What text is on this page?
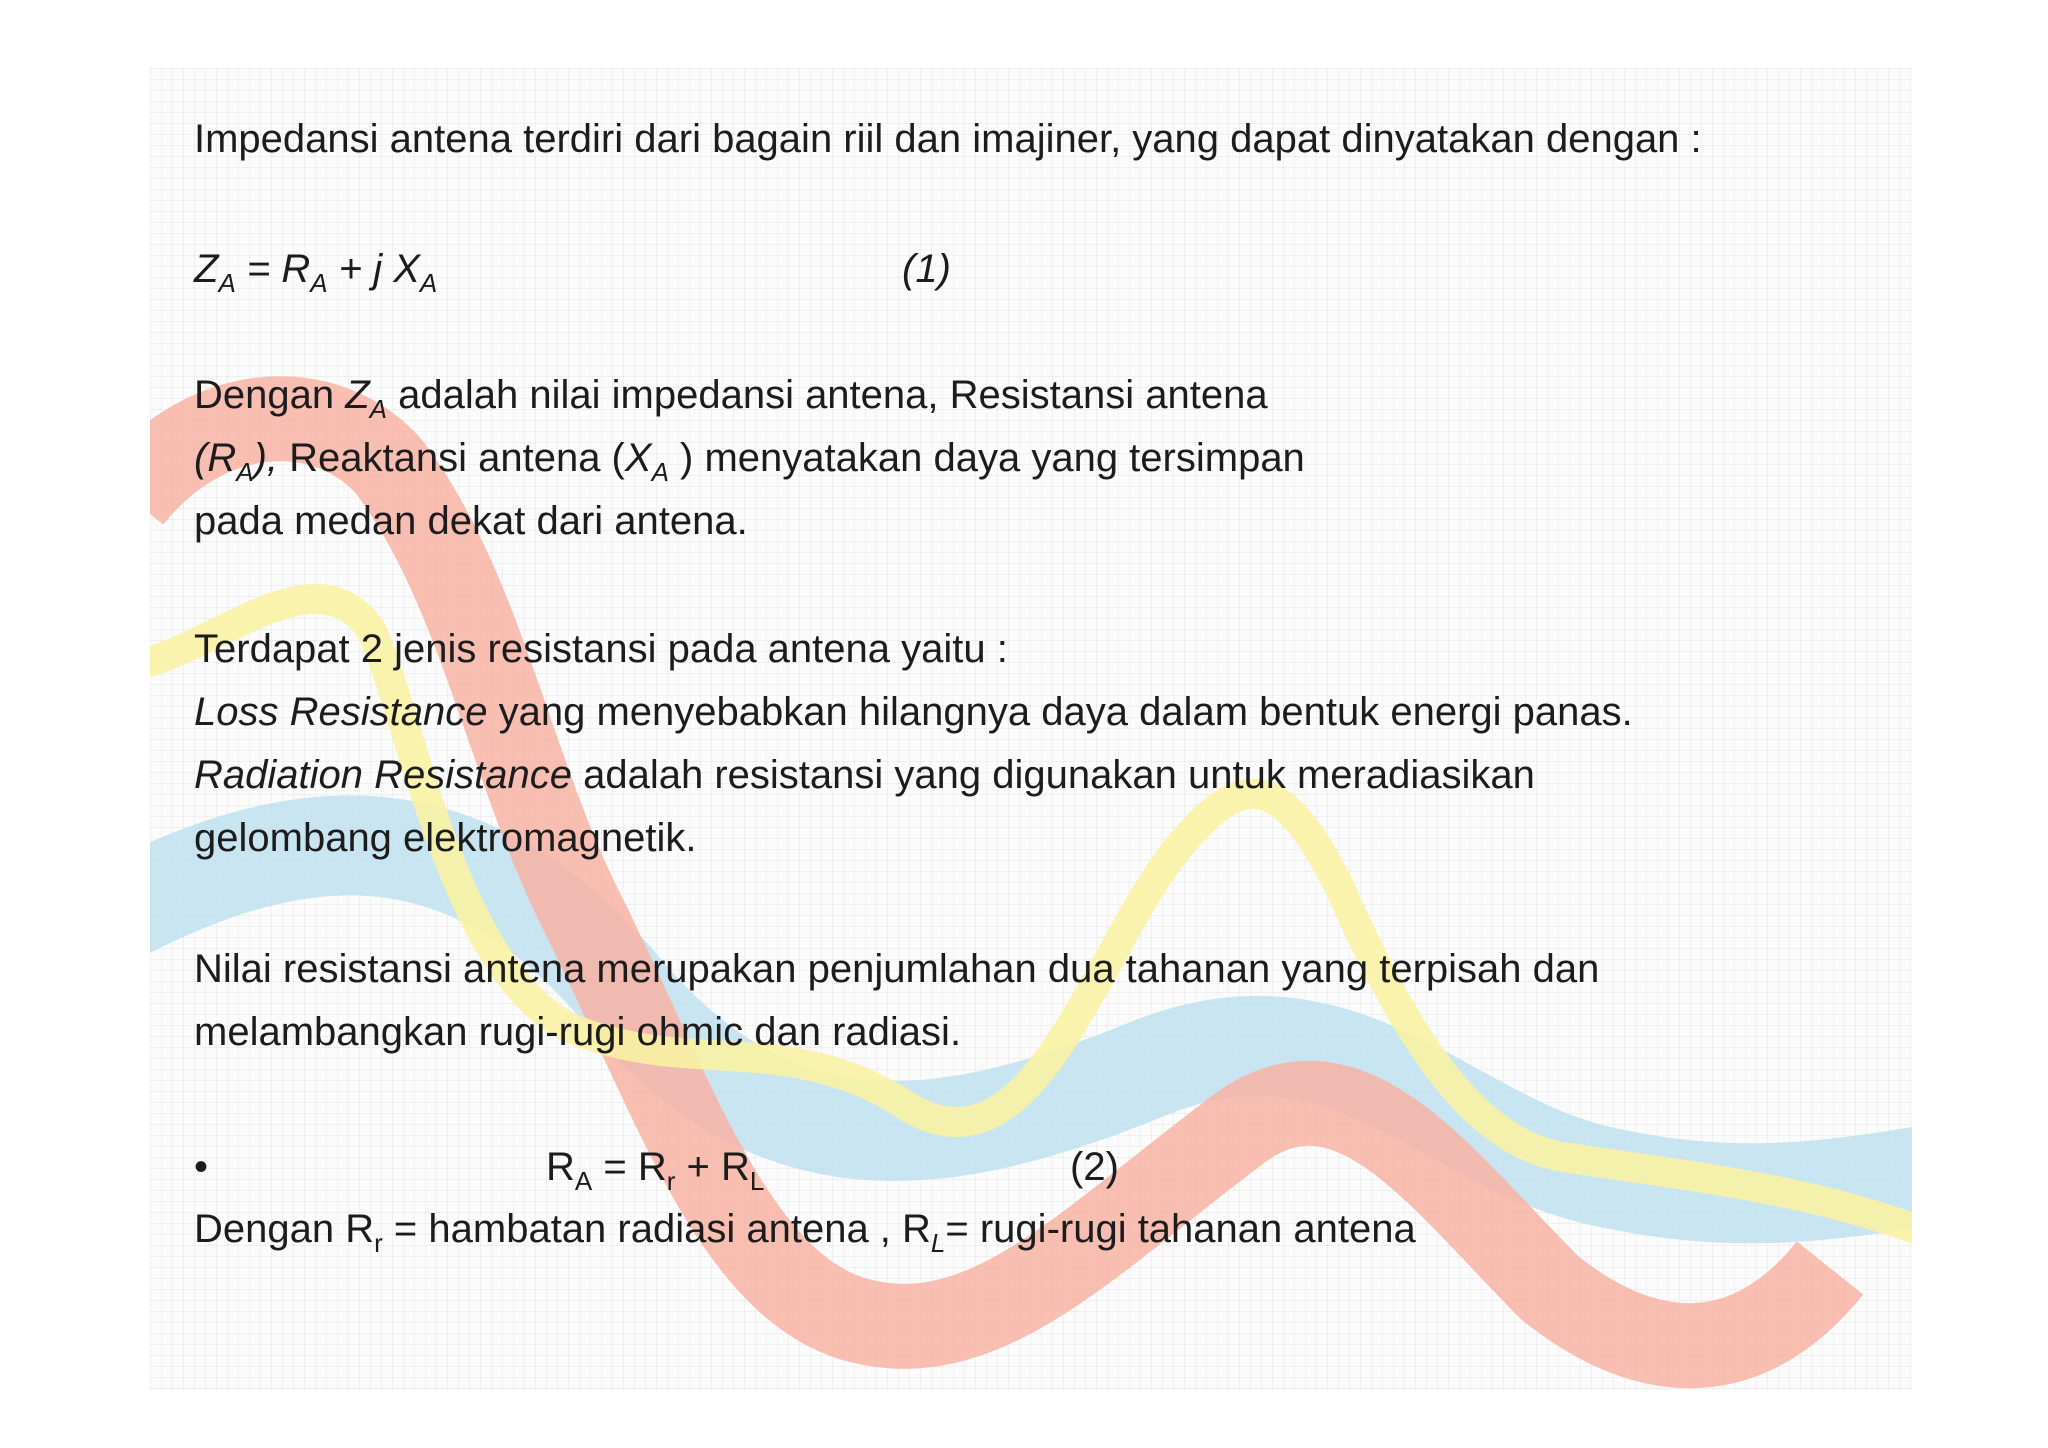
Impedansi antena terdiri dari bagain riil dan imajiner, yang dapat dinyatakan dengan :
$Z_A = R_A + j$ $X_A$	(1)
Dengan $Z_A$ adalah nilai impedansi antena, Resistansi antena
$(R_A)$, Reaktansi antena ($X_A$ ) menyatakan daya yang tersimpan
pada medan dekat dari antena.
Terdapat 2 jenis resistansi pada antena yaitu :
Loss Resistance yang menyebabkan hilangnya daya dalam bentuk energi panas.
Radiation Resistance adalah resistansi yang digunakan untuk meradiasikan
gelombang elektromagnetik.
Nilai resistansi antena merupakan penjumlahan dua tahanan yang terpisah dan
melambangkan rugi-rugi ohmic dan radiasi.
•	$R_A = R_r + R_L$	(2)
Dengan $R_r$ = hambatan radiasi antena , $R_L=$ rugi-rugi tahanan antena
